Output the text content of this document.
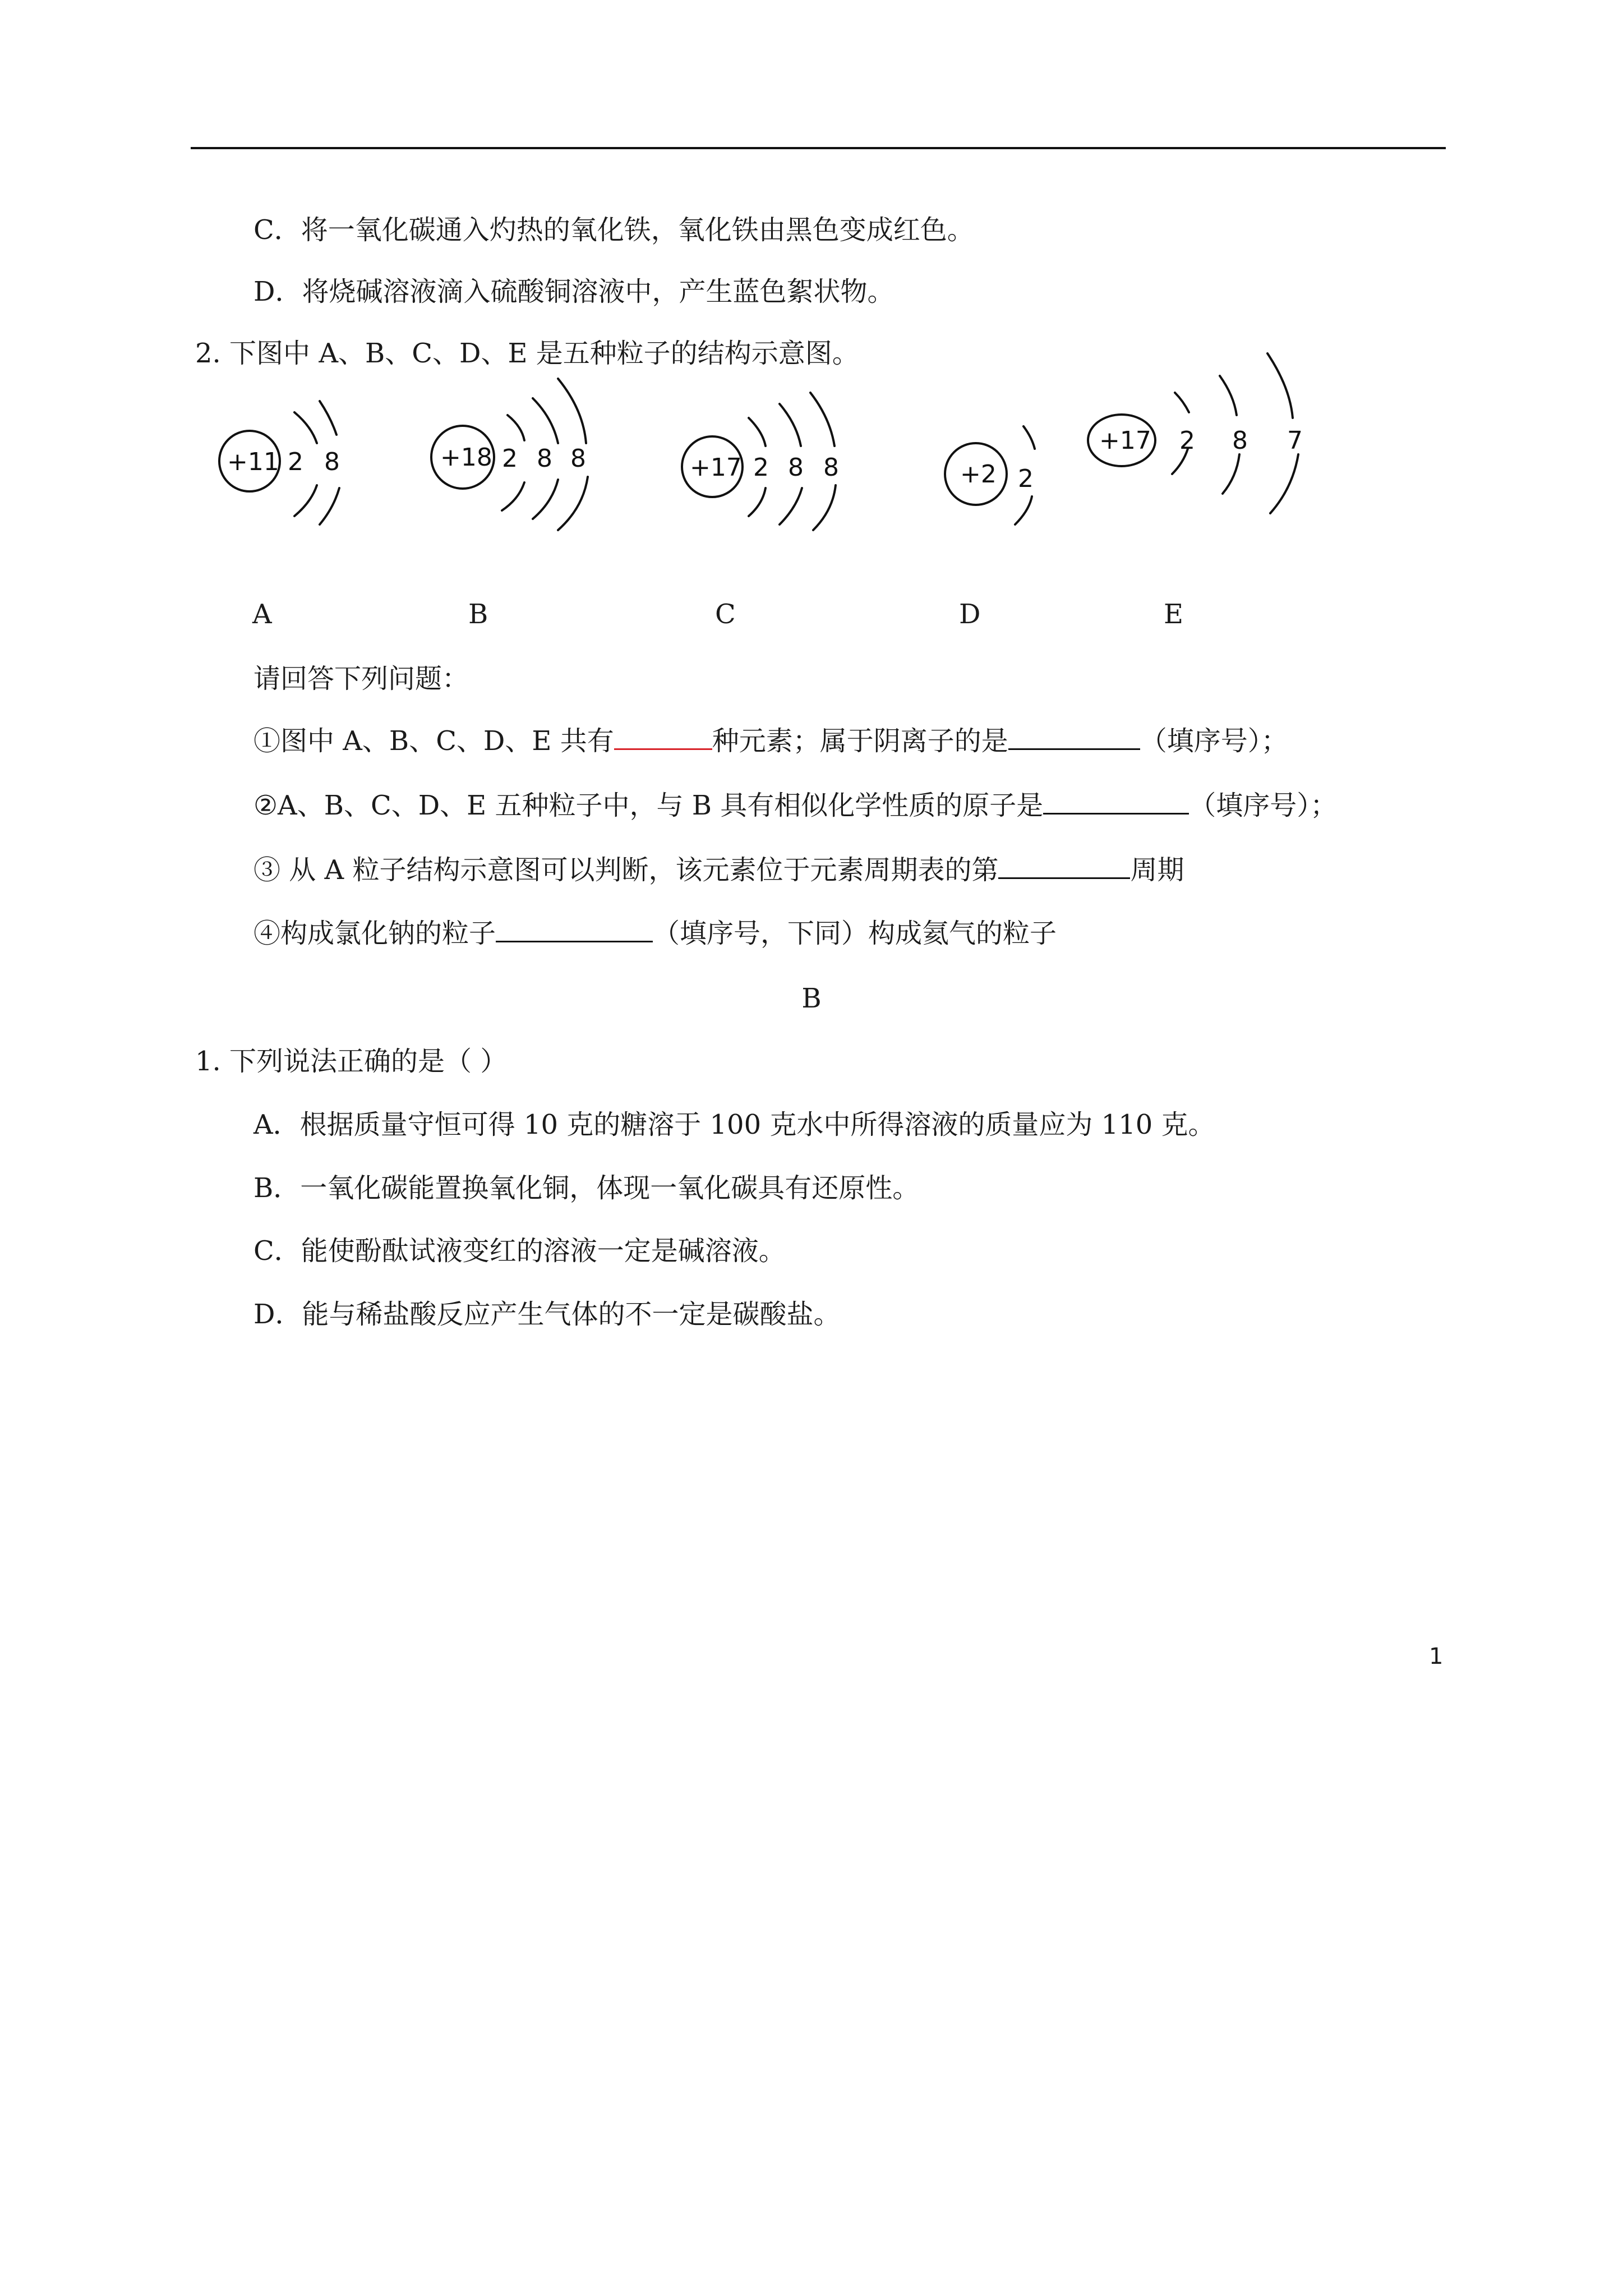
C．将一氧化碳通入灼热的氧化铁，氧化铁由黑色变成红色。
D．将烧碱溶液滴入硫酸铜溶液中，产生蓝色絮状物。
2. 下图中 A、B、C、D、E 是五种粒子的结构示意图。
+11 2 8	+18 2 8 8	+17 2 8 8	+2 2
+17 2 8 7
A	B	C	D	E
请回答下列问题：
①图中 A、B、C、D、E 共有	种元素；属于阴离子的是	（填序号）；
②A、B、C、D、E 五种粒子中，与 B 具有相似化学性质的原子是	（填序号）；
③ 从 A 粒子结构示意图可以判断，该元素位于元素周期表的第	周期
④构成氯化钠的粒子	（填序号，下同）构成氦气的粒子
B
1. 下列说法正确的是（ ）
A．根据质量守恒可得 10 克的糖溶于 100 克水中所得溶液的质量应为 110 克。
B．一氧化碳能置换氧化铜，体现一氧化碳具有还原性。
C．能使酚酞试液变红的溶液一定是碱溶液。
D．能与稀盐酸反应产生气体的不一定是碳酸盐。
1
